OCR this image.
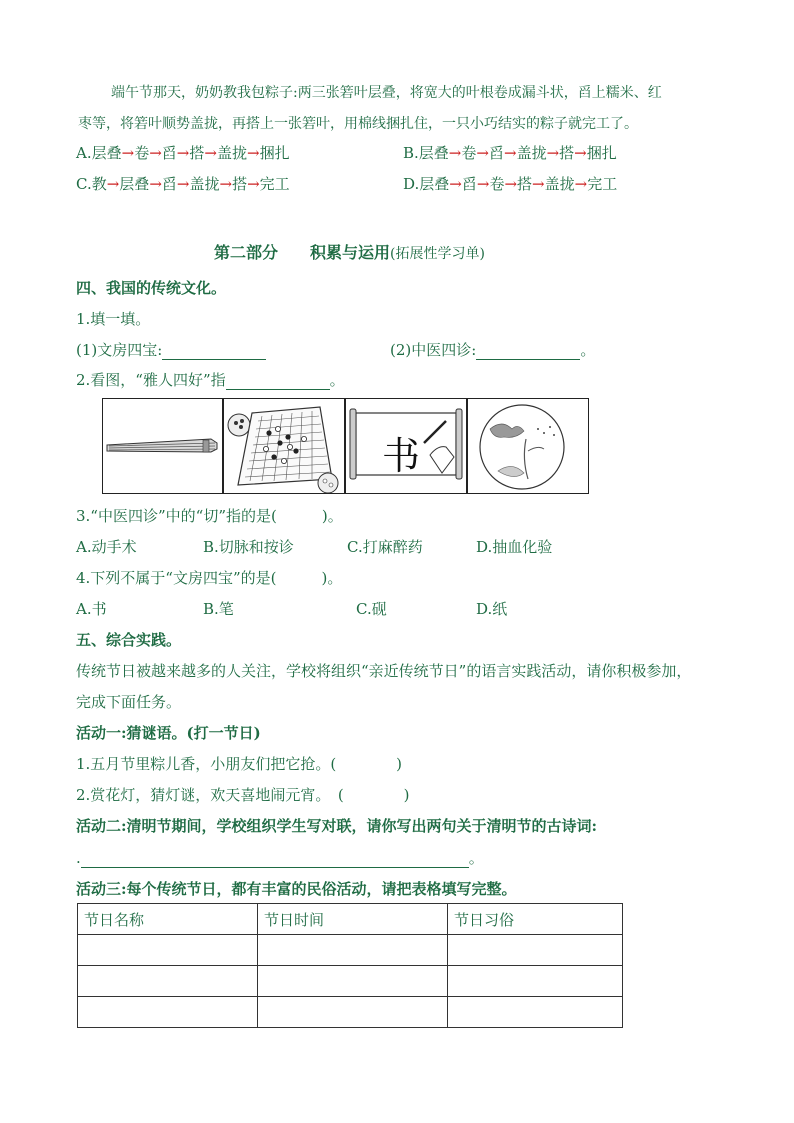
端午节那天，奶奶教我包粽子:两三张箬叶层叠，将宽大的叶根卷成漏斗状，舀上糯米、红
枣等，将箬叶顺势盖拢，再搭上一张箬叶，用棉线捆扎住，一只小巧结实的粽子就完工了。
A.层叠→卷→舀→搭→盖拢→捆扎	B.层叠→卷→舀→盖拢→搭→捆扎
C.教→层叠→舀→盖拢→搭→完工	D.层叠→舀→卷→搭→盖拢→完工
第二部分　　积累与运用(拓展性学习单)
四、我国的传统文化。
1.填一填。
(1)文房四宝:	(2)中医四诊:	。
2.看图，“雅人四好”指	。
书
3.“中医四诊”中的“切”指的是(　　　)。
A.动手术	B.切脉和按诊	C.打麻醉药	D.抽血化验
4.下列不属于“文房四宝”的是(　　　)。
A.书	B.笔	C.砚	D.纸
五、综合实践。
传统节日被越来越多的人关注，学校将组织“亲近传统节日”的语言实践活动，请你积极参加，
完成下面任务。
活动一:猜谜语。(打一节日)
1.五月节里粽儿香，小朋友们把它抢。(　　　　)
2.赏花灯，猜灯谜，欢天喜地闹元宵。　(　　　　)
活动二:清明节期间，学校组织学生写对联，请你写出两句关于清明节的古诗词:
.	。
活动三:每个传统节日，都有丰富的民俗活动，请把表格填写完整。
节日名称	节日时间	节日习俗
